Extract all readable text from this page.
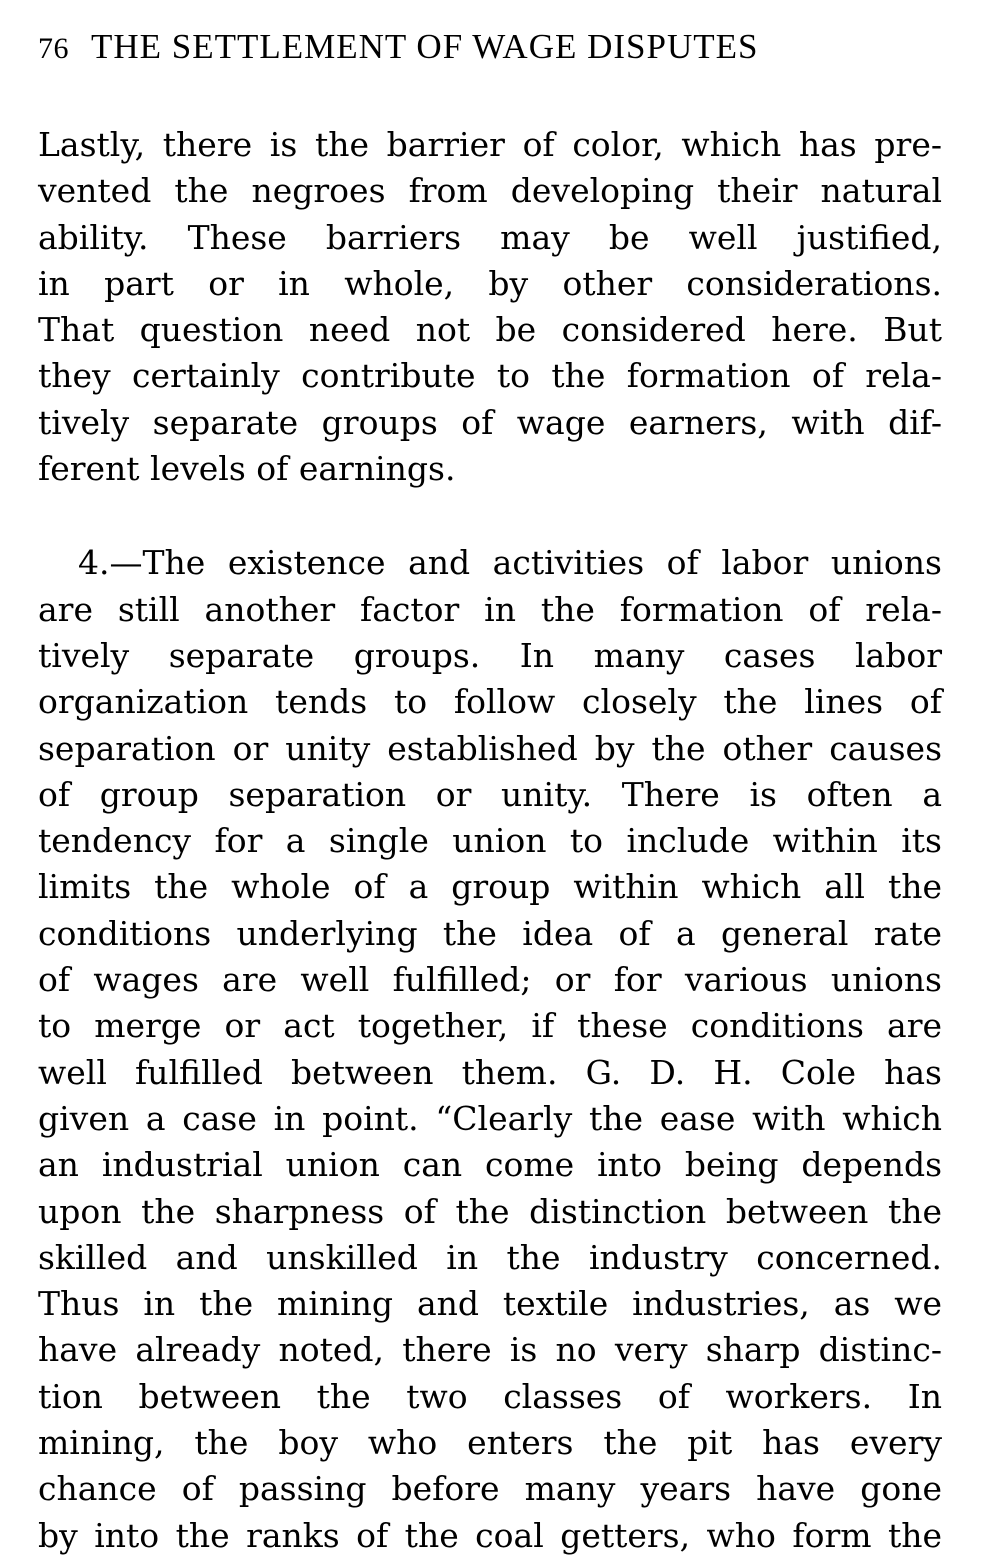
76 THE SETTLEMENT OF WAGE DISPUTES
Lastly, there is the barrier of color, which has pre-
vented the negroes from developing their natural
ability. These barriers may be well justified,
in part or in whole, by other considerations.
That question need not be considered here. But
they certainly contribute to the formation of rela-
tively separate groups of wage earners, with dif-
ferent levels of earnings.
4.—The existence and activities of labor unions
are still another factor in the formation of rela-
tively separate groups. In many cases labor
organization tends to follow closely the lines of
separation or unity established by the other causes
of group separation or unity. There is often a
tendency for a single union to include within its
limits the whole of a group within which all the
conditions underlying the idea of a general rate
of wages are well fulfilled; or for various unions
to merge or act together, if these conditions are
well fulfilled between them. G. D. H. Cole has
given a case in point. “Clearly the ease with which
an industrial union can come into being depends
upon the sharpness of the distinction between the
skilled and unskilled in the industry concerned.
Thus in the mining and textile industries, as we
have already noted, there is no very sharp distinc-
tion between the two classes of workers. In
mining, the boy who enters the pit has every
chance of passing before many years have gone
by into the ranks of the coal getters, who form the
